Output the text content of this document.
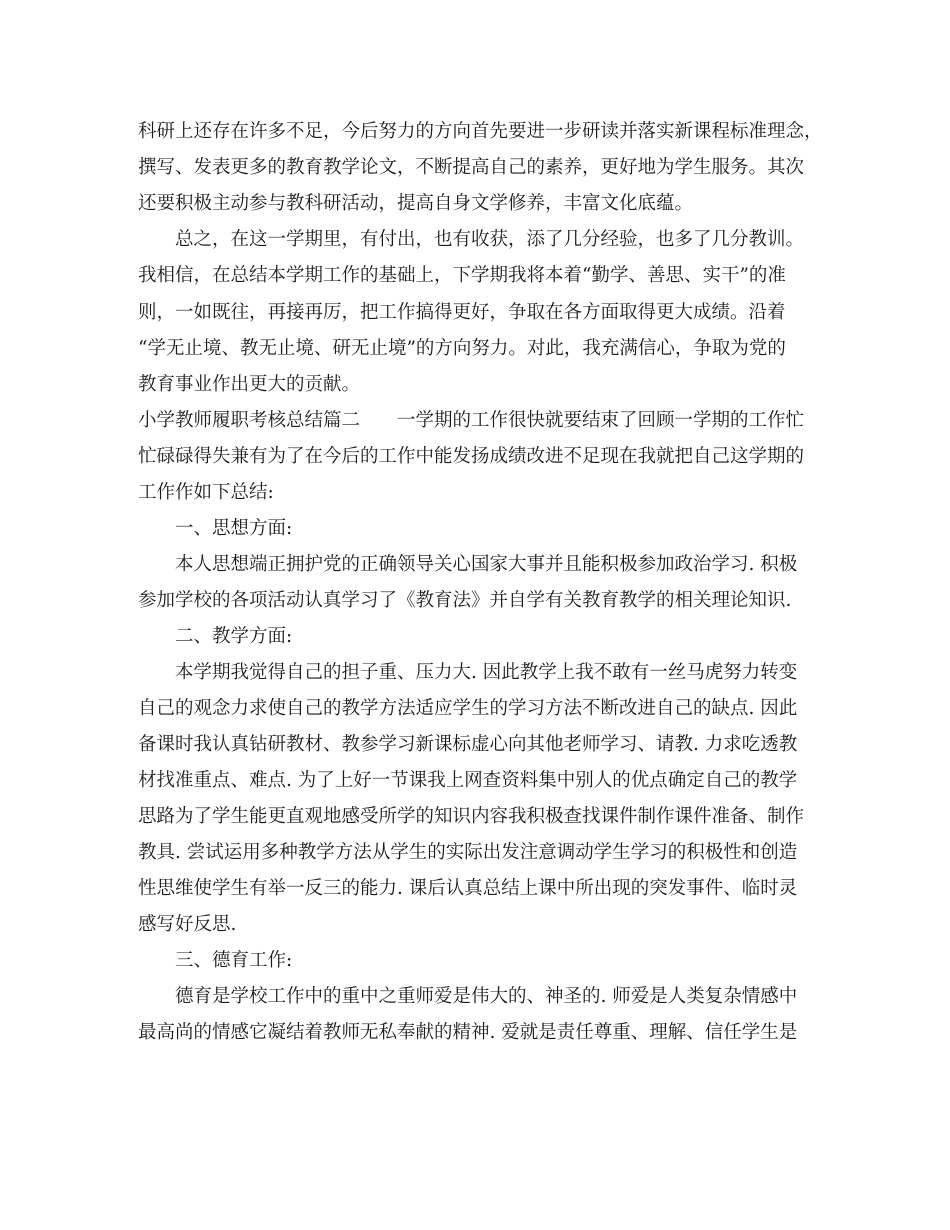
科研上还存在许多不足，今后努力的方向首先要进一步研读并落实新课程标准理念，
撰写、发表更多的教育教学论文，不断提高自己的素养，更好地为学生服务。其次
还要积极主动参与教科研活动，提高自身文学修养，丰富文化底蕴。
总之，在这一学期里，有付出，也有收获，添了几分经验，也多了几分教训。
我相信，在总结本学期工作的基础上，下学期我将本着“勤学、善思、实干”的准
则，一如既往，再接再厉，把工作搞得更好，争取在各方面取得更大成绩。沿着
“学无止境、教无止境、研无止境”的方向努力。对此，我充满信心，争取为党的
教育事业作出更大的贡献。
小学教师履职考核总结篇二　　一学期的工作很快就要结束了回顾一学期的工作忙
忙碌碌得失兼有为了在今后的工作中能发扬成绩改进不足现在我就把自己这学期的
工作作如下总结:
一、思想方面:
本人思想端正拥护党的正确领导关心国家大事并且能积极参加政治学习. 积极
参加学校的各项活动认真学习了《教育法》并自学有关教育教学的相关理论知识.
二、教学方面:
本学期我觉得自己的担子重、压力大. 因此教学上我不敢有一丝马虎努力转变
自己的观念力求使自己的教学方法适应学生的学习方法不断改进自己的缺点. 因此
备课时我认真钻研教材、教参学习新课标虚心向其他老师学习、请教. 力求吃透教
材找准重点、难点. 为了上好一节课我上网查资料集中别人的优点确定自己的教学
思路为了学生能更直观地感受所学的知识内容我积极查找课件制作课件准备、制作
教具. 尝试运用多种教学方法从学生的实际出发注意调动学生学习的积极性和创造
性思维使学生有举一反三的能力. 课后认真总结上课中所出现的突发事件、临时灵
感写好反思.
三、德育工作:
德育是学校工作中的重中之重师爱是伟大的、神圣的. 师爱是人类复杂情感中
最高尚的情感它凝结着教师无私奉献的精神. 爱就是责任尊重、理解、信任学生是
